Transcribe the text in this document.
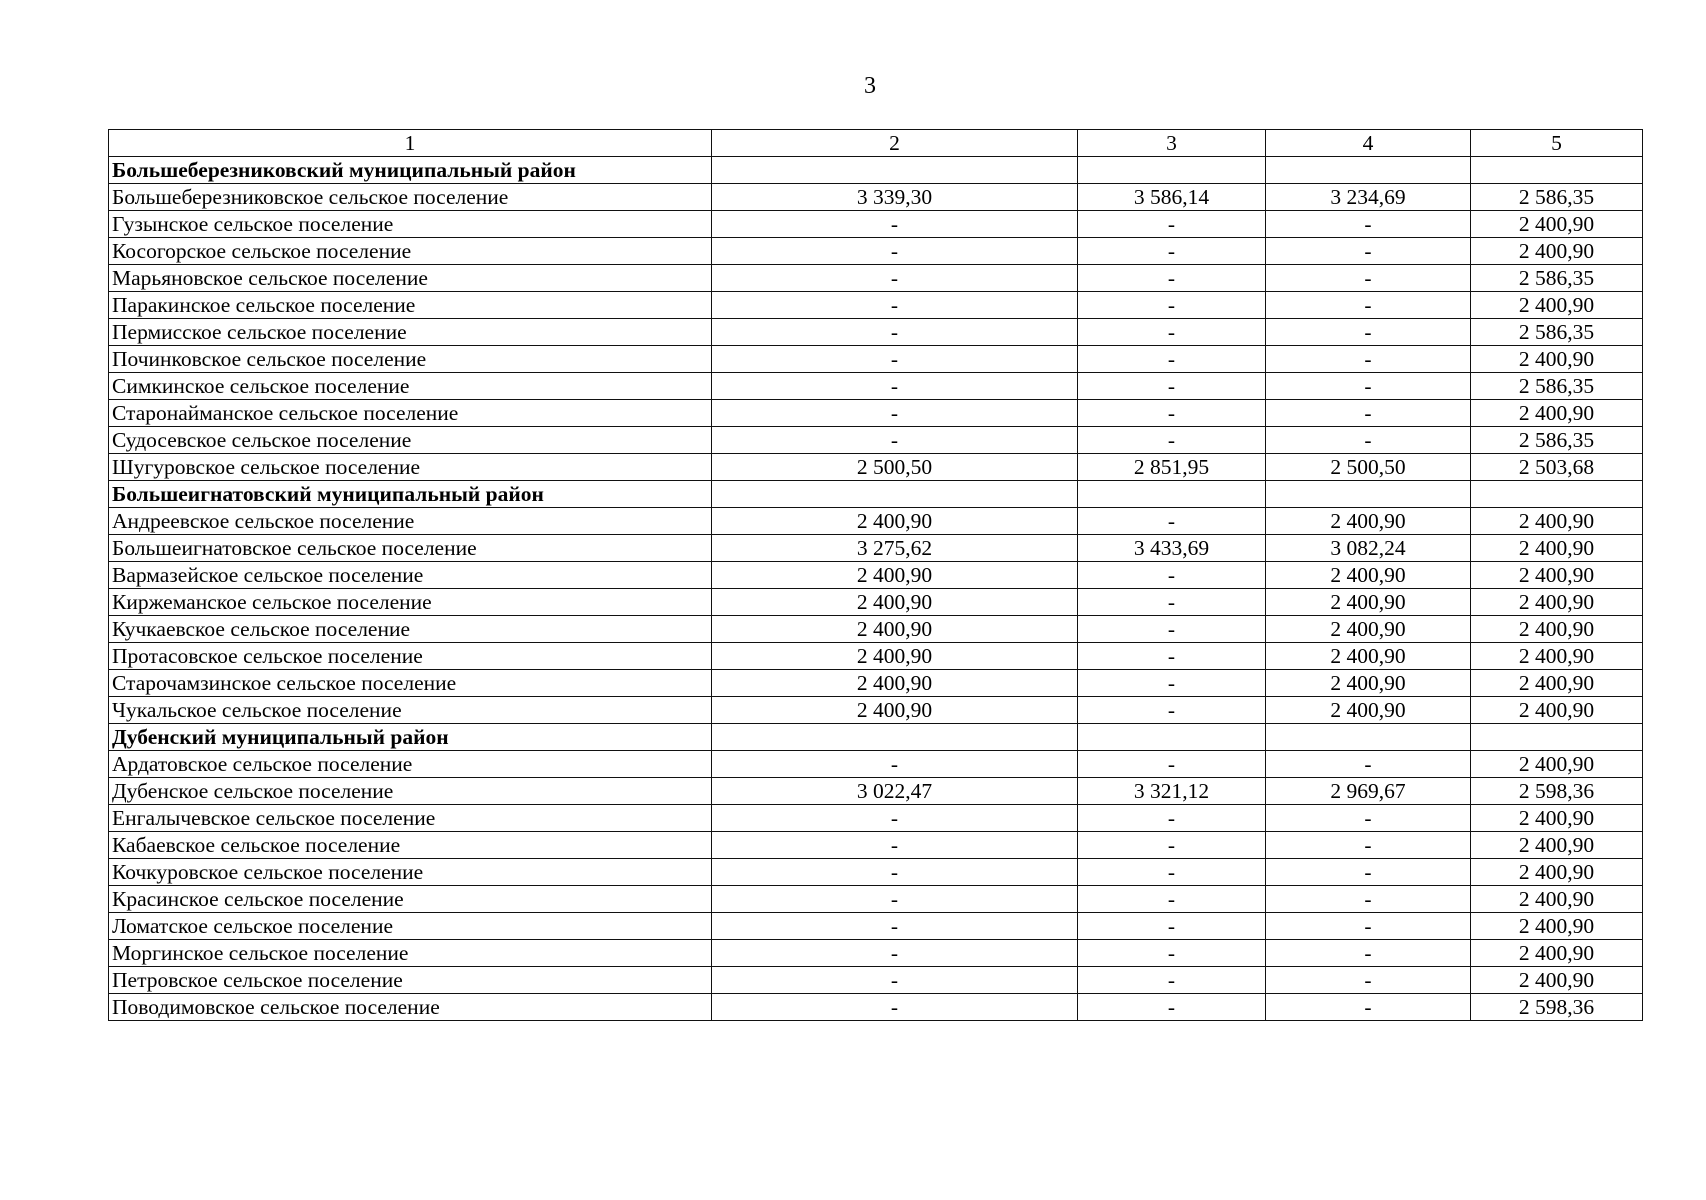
3
1	2	3	4	5
Большеберезниковский муниципальный район				
Большеберезниковское сельское поселение	3 339,30	3 586,14	3 234,69	2 586,35
Гузынское сельское поселение	-	-	-	2 400,90
Косогорское сельское поселение	-	-	-	2 400,90
Марьяновское сельское поселение	-	-	-	2 586,35
Паракинское сельское поселение	-	-	-	2 400,90
Пермисское сельское поселение	-	-	-	2 586,35
Починковское сельское поселение	-	-	-	2 400,90
Симкинское сельское поселение	-	-	-	2 586,35
Старонайманское сельское поселение	-	-	-	2 400,90
Судосевское сельское поселение	-	-	-	2 586,35
Шугуровское сельское поселение	2 500,50	2 851,95	2 500,50	2 503,68
Большеигнатовский муниципальный район				
Андреевское сельское поселение	2 400,90	-	2 400,90	2 400,90
Большеигнатовское сельское поселение	3 275,62	3 433,69	3 082,24	2 400,90
Вармазейское сельское поселение	2 400,90	-	2 400,90	2 400,90
Киржеманское сельское поселение	2 400,90	-	2 400,90	2 400,90
Кучкаевское сельское поселение	2 400,90	-	2 400,90	2 400,90
Протасовское сельское поселение	2 400,90	-	2 400,90	2 400,90
Старочамзинское сельское поселение	2 400,90	-	2 400,90	2 400,90
Чукальское сельское поселение	2 400,90	-	2 400,90	2 400,90
Дубенский муниципальный район				
Ардатовское сельское поселение	-	-	-	2 400,90
Дубенское сельское поселение	3 022,47	3 321,12	2 969,67	2 598,36
Енгалычевское сельское поселение	-	-	-	2 400,90
Кабаевское сельское поселение	-	-	-	2 400,90
Кочкуровское сельское поселение	-	-	-	2 400,90
Красинское сельское поселение	-	-	-	2 400,90
Ломатское сельское поселение	-	-	-	2 400,90
Моргинское сельское поселение	-	-	-	2 400,90
Петровское сельское поселение	-	-	-	2 400,90
Поводимовское сельское поселение	-	-	-	2 598,36
